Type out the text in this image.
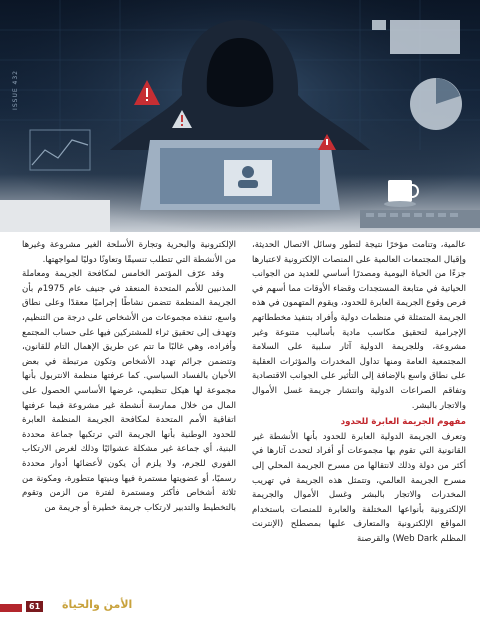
ISSUE 432

عالمية، وتنامت مؤخرًا نتيجة لتطور وسائل الاتصال الحديثة، وإقبال المجتمعات العالمية على المنصات الإلكترونية لاعتبارها جزءًا من الحياة اليومية ومصدرًا أساسي للعديد من الجوانب الحياتية في متابعة المستجدات وقضاء الأوقات مما أسهم في فرص وقوع الجريمة العابرة للحدود، ويقوم المتهمون في هذه الجريمة المتمثلة في منظمات دولية وأفراد بتنفيذ مخططاتهم الإجرامية لتحقيق مكاسب مادية بأساليب متنوعة وغير مشروعة، وللجريمة الدولية آثار سلبية على السلامة المجتمعية العامة ومنها تداول المخدرات والمؤثرات العقلية على نطاق واسع بالإضافة إلى التأثير على الجوانب الاقتصادية وتفاقم الصراعات الدولية وانتشار جريمة غسل الأموال والاتجار بالبشر.

مفهوم الجريمة العابرة للحدود

وتعرف الجريمة الدولية العابرة للحدود بأنها الأنشطة غير القانونية التي تقوم بها مجموعات أو أفراد لتحدث آثارها في أكثر من دولة وذلك لانتقالها من مسرح الجريمة المحلي إلى مسرح الجريمة العالمي، وتتمثل هذه الجريمة في تهريب المخدرات والاتجار بالبشر وغسل الأموال والجريمة الإلكترونية بأنواعها المختلفة والعابرة للمنصات باستخدام المواقع الإلكترونية والمتعارف عليها بمصطلح (الإنترنت المظلم Web Dark) والقرصنة

الإلكترونية والبحرية وتجارة الأسلحة الغير مشروعة وغيرها من الأنشطة التي تتطلب تنسيقًا وتعاونًا دوليًا لمواجهتها.

وقد عرّف المؤتمر الخامس لمكافحة الجريمة ومعاملة المذنبين للأمم المتحدة المنعقد في جنيف عام 1975م بأن الجريمة المنظمة تتضمن نشاطًا إجراميًا معقدًا وعلى نطاق واسع، تنفذه مجموعات من الأشخاص على درجة من التنظيم، وتهدف إلى تحقيق ثراء للمشتركين فيها على حساب المجتمع وأفراده، وهي غالبًا ما تتم عن طريق الإهمال التام للقانون، وتتضمن جرائم تهدد الأشخاص وتكون مرتبطة في بعض الأحيان بالفساد السياسي. كما عرفتها منظمة الانتربول بأنها مجموعة لها هيكل تنظيمي، غرضها الأساسي الحصول على المال من خلال ممارسة أنشطة غير مشروعة فيما عرفتها اتفاقية الأمم المتحدة لمكافحة الجريمة المنظمة العابرة للحدود الوطنية بأنها الجريمة التي ترتكبها جماعة محددة البنية، أي جماعة غير مشكلة عشوائيًا وذلك لغرض الارتكاب الفوري للجرم، ولا يلزم أن يكون لأعضائها أدوار محددة رسميًا، أو عضويتها مستمرة فيها وبنيتها متطورة، ومكونة من ثلاثة أشخاص فأكثر ومستمرة لفترة من الزمن وتقوم بالتخطيط والتدبير لارتكاب جريمة خطيرة أو جريمة من

61 الأمن والحياة
